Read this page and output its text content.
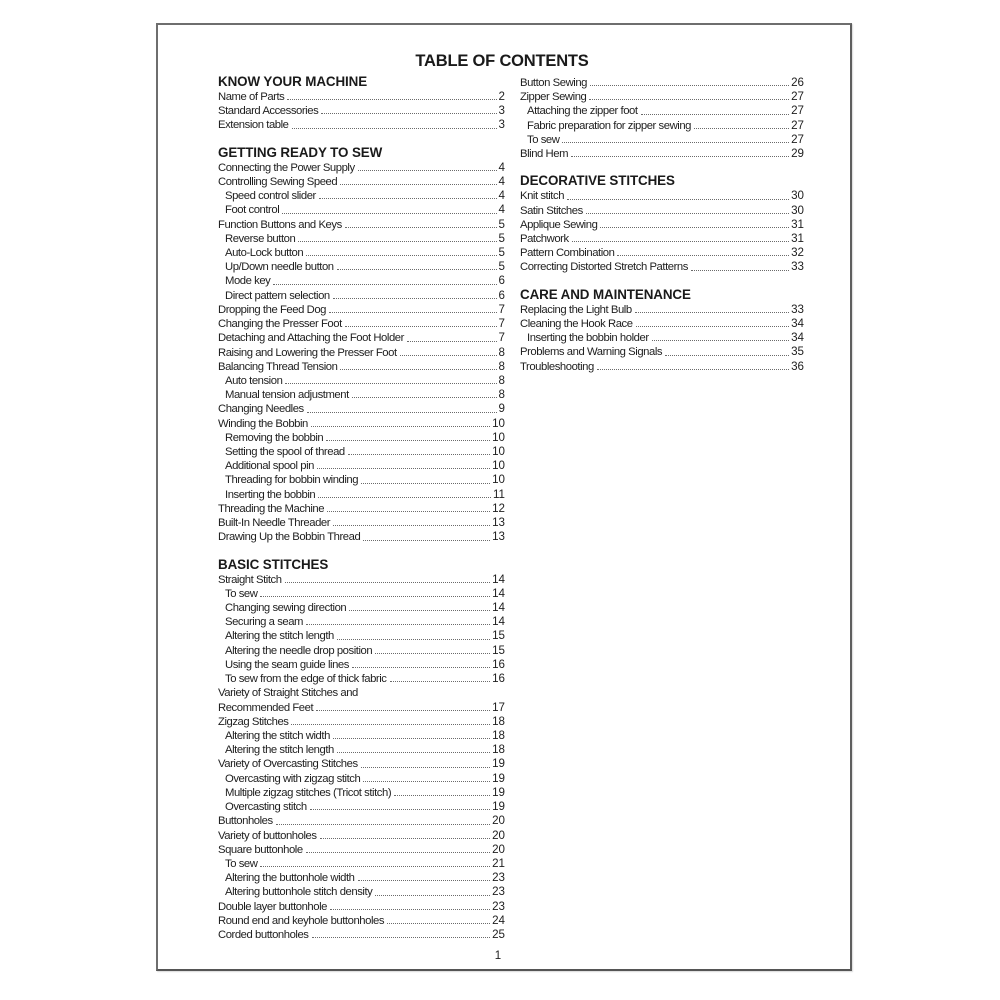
TABLE OF CONTENTS
KNOW YOUR MACHINE
Name of Parts	2
Standard Accessories	3
Extension table	3
GETTING READY TO SEW
Connecting the Power Supply	4
Controlling Sewing Speed	4
Speed control slider	4
Foot control	4
Function Buttons and Keys	5
Reverse button	5
Auto-Lock button	5
Up/Down needle button	5
Mode key	6
Direct pattern selection	6
Dropping the Feed Dog	7
Changing the Presser Foot	7
Detaching and Attaching the Foot Holder	7
Raising and Lowering the Presser Foot	8
Balancing Thread Tension	8
Auto tension	8
Manual tension adjustment	8
Changing Needles	9
Winding the Bobbin	10
Removing the bobbin	10
Setting the spool of thread	10
Additional spool pin	10
Threading for bobbin winding	10
Inserting the bobbin	11
Threading the Machine	12
Built-In Needle Threader	13
Drawing Up the Bobbin Thread	13
BASIC STITCHES
Straight Stitch	14
To sew	14
Changing sewing direction	14
Securing a seam	14
Altering the stitch length	15
Altering the needle drop position	15
Using the seam guide lines	16
To sew from the edge of thick fabric	16
Variety of Straight Stitches and
Recommended Feet	17
Zigzag Stitches	18
Altering the stitch width	18
Altering the stitch length	18
Variety of Overcasting Stitches	19
Overcasting with zigzag stitch	19
Multiple zigzag stitches (Tricot stitch)	19
Overcasting stitch	19
Buttonholes	20
Variety of buttonholes	20
Square buttonhole	20
To sew	21
Altering the buttonhole width	23
Altering buttonhole stitch density	23
Double layer buttonhole	23
Round end and keyhole buttonholes	24
Corded buttonholes	25
Button Sewing	26
Zipper Sewing	27
Attaching the zipper foot	27
Fabric preparation for zipper sewing	27
To sew	27
Blind Hem	29
DECORATIVE STITCHES
Knit stitch	30
Satin Stitches	30
Applique Sewing	31
Patchwork	31
Pattern Combination	32
Correcting Distorted Stretch Patterns	33
CARE AND MAINTENANCE
Replacing the Light Bulb	33
Cleaning the Hook Race	34
Inserting the bobbin holder	34
Problems and Warning Signals	35
Troubleshooting	36
1
